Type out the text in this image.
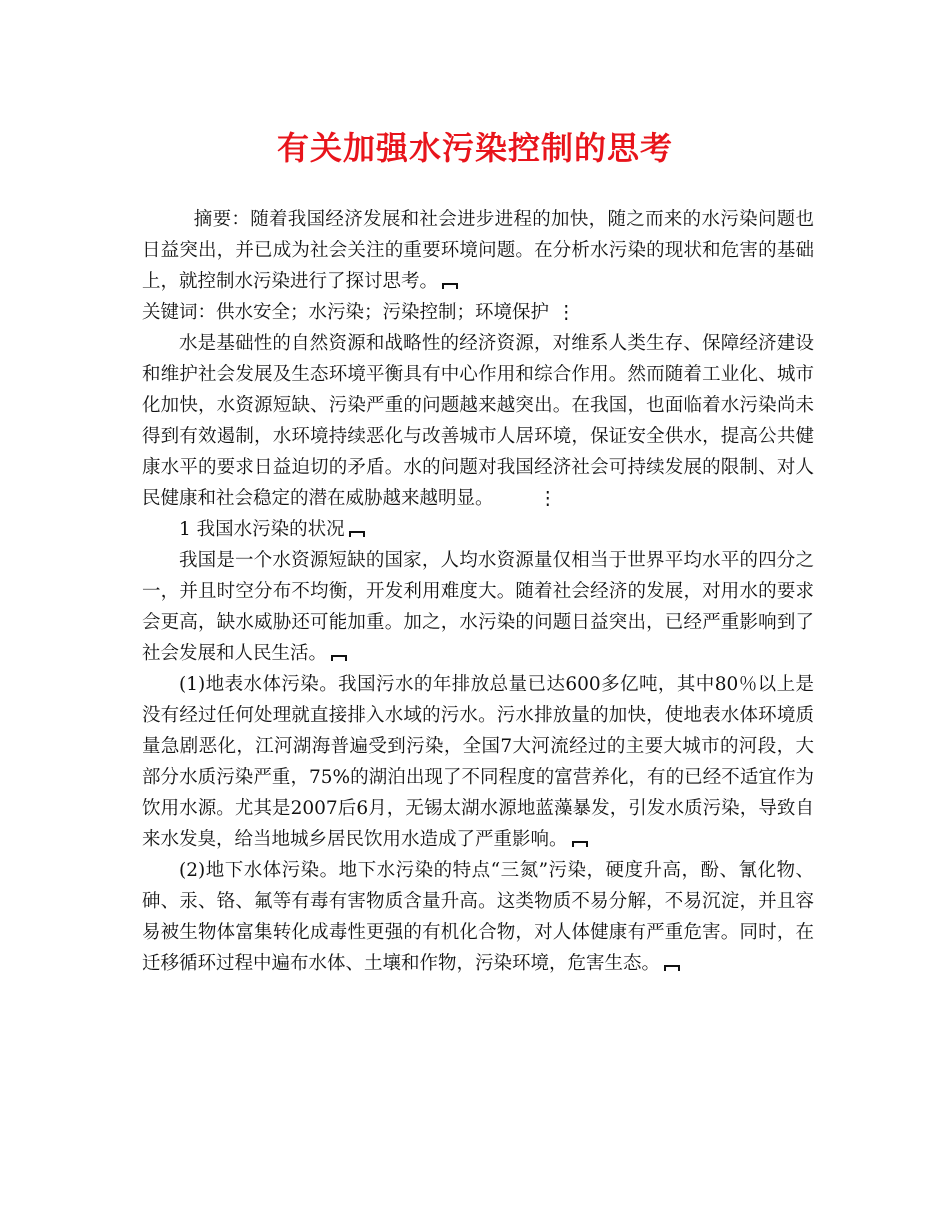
有关加强水污染控制的思考

摘要：随着我国经济发展和社会进步进程的加快，随之而来的水污染问题也日益突出，并已成为社会关注的重要环境问题。在分析水污染的现状和危害的基础上，就控制水污染进行了探讨思考。

关键词：供水安全；水污染；污染控制；环境保护 ⋮

水是基础性的自然资源和战略性的经济资源，对维系人类生存、保障经济建设和维护社会发展及生态环境平衡具有中心作用和综合作用。然而随着工业化、城市化加快，水资源短缺、污染严重的问题越来越突出。在我国，也面临着水污染尚未得到有效遏制，水环境持续恶化与改善城市人居环境，保证安全供水，提高公共健康水平的要求日益迫切的矛盾。水的问题对我国经济社会可持续发展的限制、对人民健康和社会稳定的潜在威胁越来越明显。 ⋮

1 我国水污染的状况

我国是一个水资源短缺的国家，人均水资源量仅相当于世界平均水平的四分之一，并且时空分布不均衡，开发利用难度大。随着社会经济的发展，对用水的要求会更高，缺水威胁还可能加重。加之，水污染的问题日益突出，已经严重影响到了社会发展和人民生活。

(1)地表水体污染。我国污水的年排放总量已达600多亿吨，其中80％以上是没有经过任何处理就直接排入水域的污水。污水排放量的加快，使地表水体环境质量急剧恶化，江河湖海普遍受到污染，全国7大河流经过的主要大城市的河段，大部分水质污染严重，75%的湖泊出现了不同程度的富营养化，有的已经不适宜作为饮用水源。尤其是2007后6月，无锡太湖水源地蓝藻暴发，引发水质污染，导致自来水发臭，给当地城乡居民饮用水造成了严重影响。

(2)地下水体污染。地下水污染的特点“三氮”污染，硬度升高，酚、氰化物、砷、汞、铬、氟等有毒有害物质含量升高。这类物质不易分解，不易沉淀，并且容易被生物体富集转化成毒性更强的有机化合物，对人体健康有严重危害。同时，在迁移循环过程中遍布水体、土壤和作物，污染环境，危害生态。
